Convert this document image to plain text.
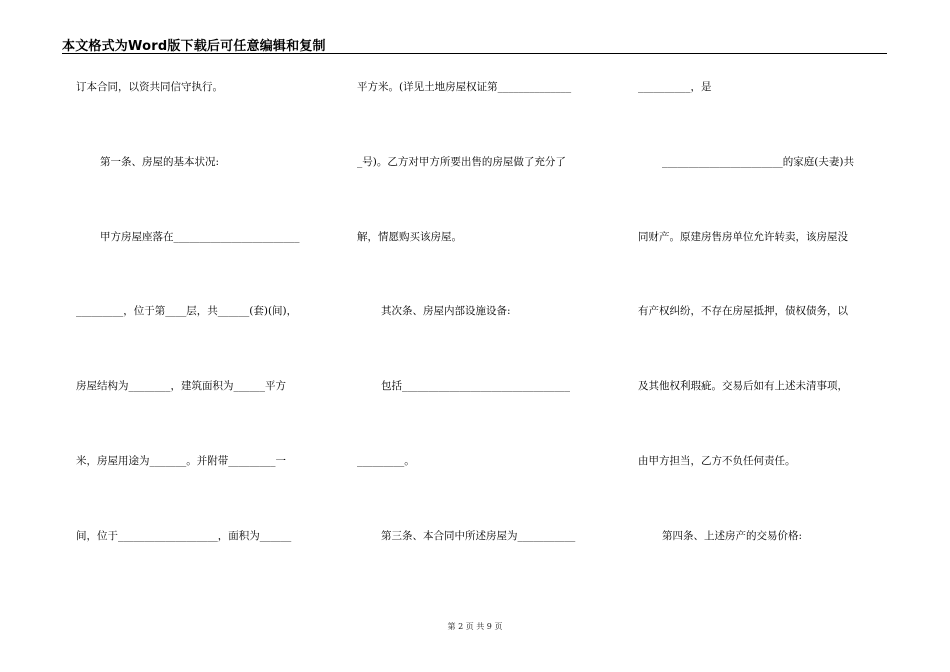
本文格式为Word版下载后可任意编辑和复制
订本合同，以资共同信守执行。
第一条、房屋的基本状况:
甲方房屋座落在________________________
_________，位于第____层，共______(套)(间)，
房屋结构为________，建筑面积为______平方
米，房屋用途为_______。并附带_________一
间，位于___________________，面积为______
平方米。(详见土地房屋权证第______________
_号)。乙方对甲方所要出售的房屋做了充分了
解，情愿购买该房屋。
其次条、房屋内部设施设备:
包括________________________________
_________。
第三条、本合同中所述房屋为___________
__________，是
_______________________的家庭(夫妻)共
同财产。原建房售房单位允许转卖，该房屋没
有产权纠纷，不存在房屋抵押，债权债务，以
及其他权利瑕疵。交易后如有上述未清事项，
由甲方担当，乙方不负任何责任。
第四条、上述房产的交易价格:
第 2 页 共 9 页
